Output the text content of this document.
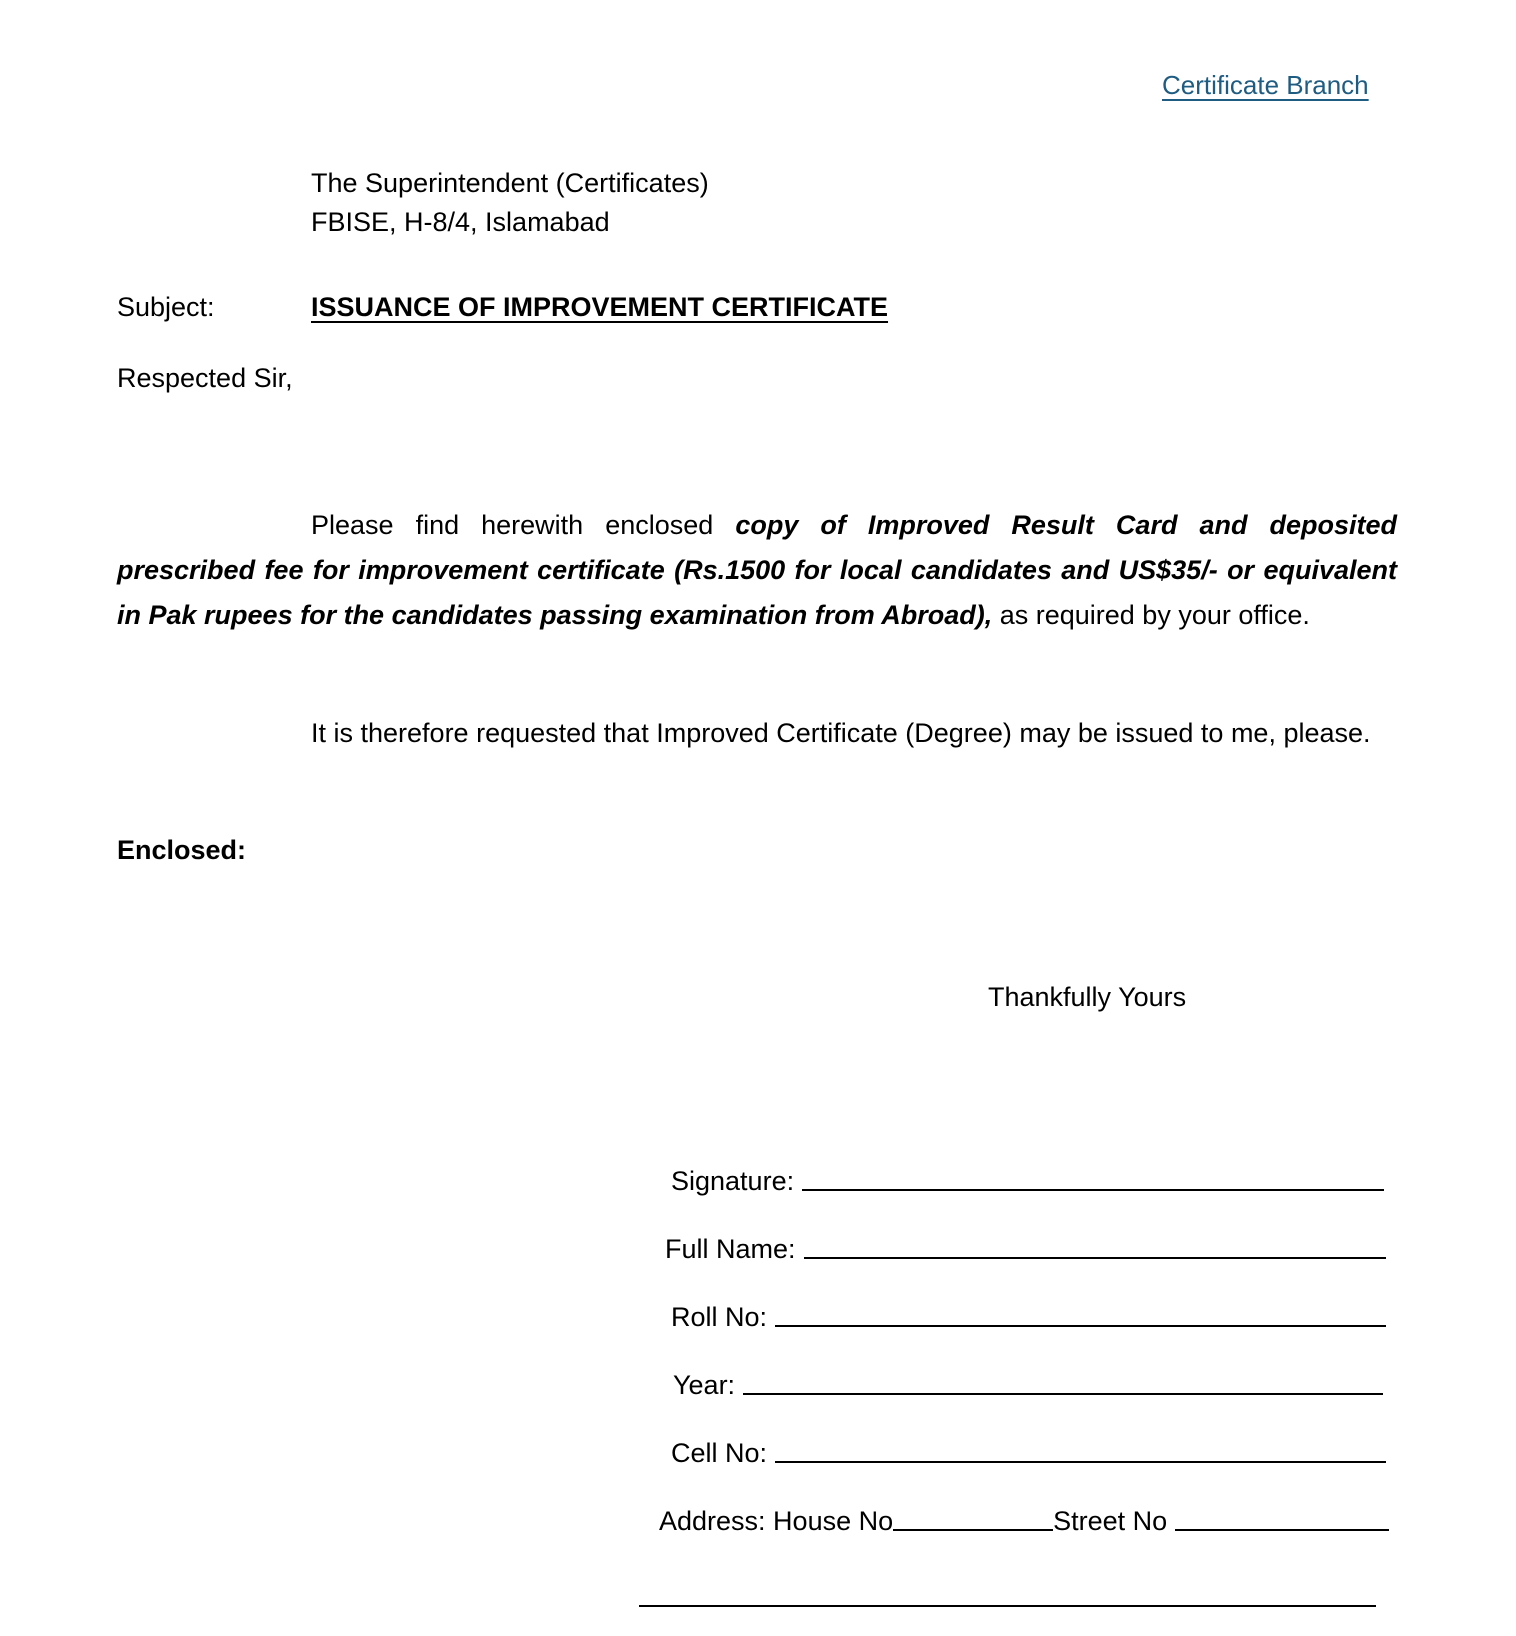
Certificate Branch
The Superintendent (Certificates)
FBISE, H-8/4, Islamabad
Subject:	ISSUANCE OF IMPROVEMENT CERTIFICATE
Respected Sir,
Please find herewith enclosed copy of Improved Result Card and deposited prescribed fee for improvement certificate (Rs.1500 for local candidates and US$35/- or equivalent in Pak rupees for the candidates passing examination from Abroad), as required by your office.
It is therefore requested that Improved Certificate (Degree) may be issued to me, please.
Enclosed:
Thankfully Yours
Signature:
Full Name:
Roll No:
Year:
Cell No:
Address: House No	Street No
